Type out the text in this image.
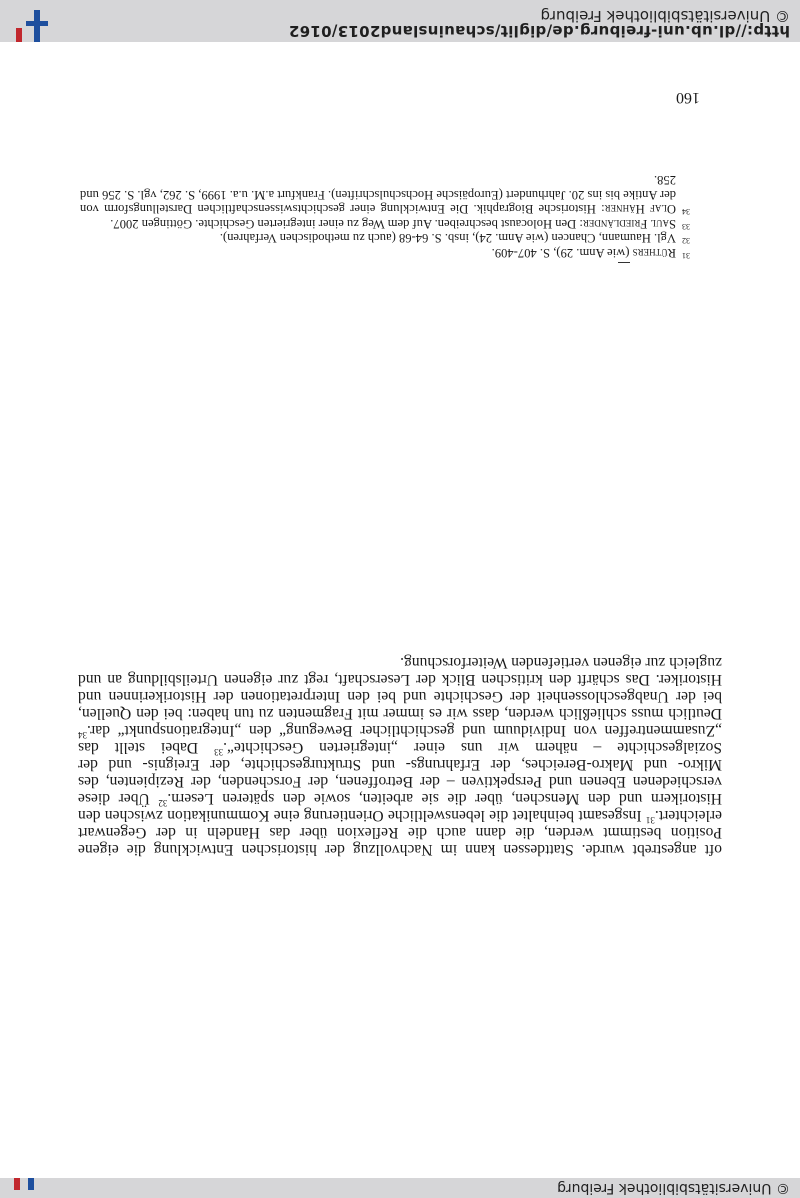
http://dl.ub.uni-freiburg.de/diglit/schauinsland2013/0162
© Universitätsbibliothek Freiburg
© Universitätsbibliothek Freiburg
oft angestrebt wurde. Stattdessen kann im Nachvollzug der historischen Entwicklung die eigene Position bestimmt werden, die dann auch die Reflexion über das Handeln in der Gegenwart erleichtert.$^{31}$ Insgesamt beinhaltet die lebensweltliche Orientierung eine Kommunikation zwischen den Historikern und den Menschen, über die sie arbeiten, sowie den späteren Lesern.$^{32}$ Über diese verschiedenen Ebenen und Perspektiven – der Betroffenen, der Forschenden, der Rezipienten, des Mikro- und Makro-Bereiches, der Erfahrungs- und Strukturgeschichte, der Ereignis- und der Sozialgeschichte – nähern wir uns einer „integrierten Geschichte“.$^{33}$ Dabei stellt das „Zusammentreffen von Individuum und geschichtlicher Bewegung“ den „Integrationspunkt“ dar.$^{34}$ Deutlich muss schließlich werden, dass wir es immer mit Fragmenten zu tun haben: bei den Quellen, bei der Unabgeschlossenheit der Geschichte und bei den Interpretationen der Historikerinnen und Historiker. Das schärft den kritischen Blick der Leserschaft, regt zur eigenen Urteilsbildung an und zugleich zur eigenen vertiefenden Weiterforschung.
31
Rüthers (wie Anm. 29), S. 407-409.
32
Vgl. Haumann, Chancen (wie Anm. 24), insb. S. 64-68 (auch zu methodischen Verfahren).
33
Saul Friedländer: Den Holocaust beschreiben. Auf dem Weg zu einer integrierten Geschichte. Göttingen 2007.
34
Olaf Hähner: Historische Biographik. Die Entwicklung einer geschichtswissenschaftlichen Darstellungsform von der Antike bis ins 20. Jahrhundert (Europäische Hochschulschriften). Frankfurt a.M. u.a. 1999, S. 262, vgl. S. 256 und 258.
160
